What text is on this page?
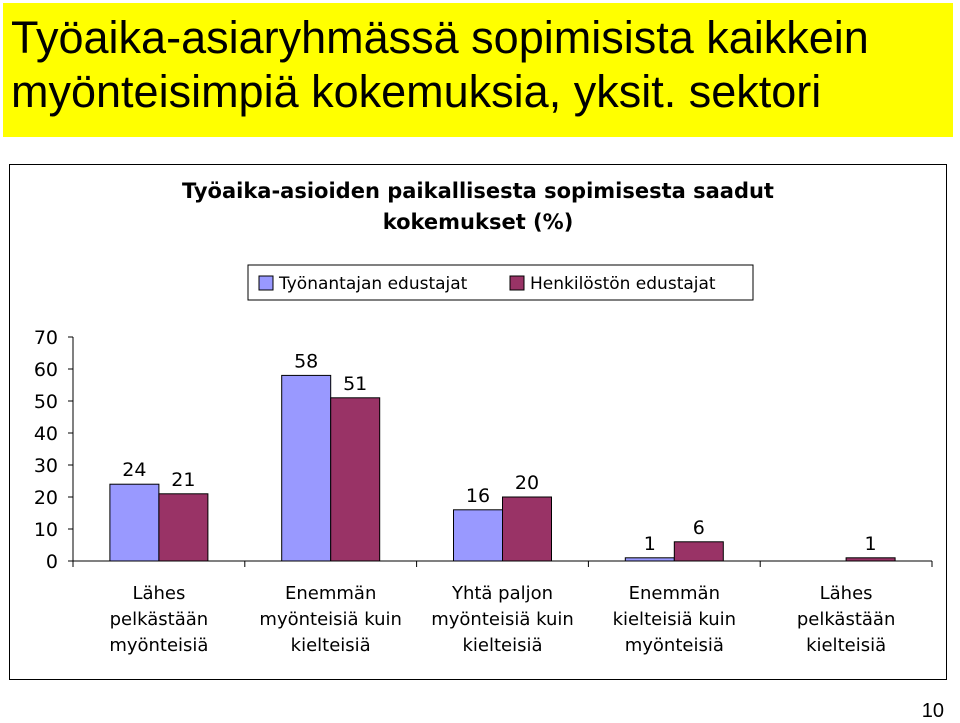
Työaika-asiaryhmässä sopimisista kaikkein
myönteisimpiä kokemuksia, yksit. sektori
Työaika-asioiden paikallisesta sopimisesta saadut
kokemukset (%)
Työnantajan edustajat	Henkilöstön edustajat
0
10
20
30
40
50
60
70
24 21
Lähes
pelkästään
myönteisiä
58
51
Enemmän
myönteisiä kuin
kielteisiä
16
20
Yhtä paljon
myönteisiä kuin
kielteisiä
1
6
Enemmän
kielteisiä kuin
myönteisiä
1
Lähes
pelkästään
kielteisiä
10
